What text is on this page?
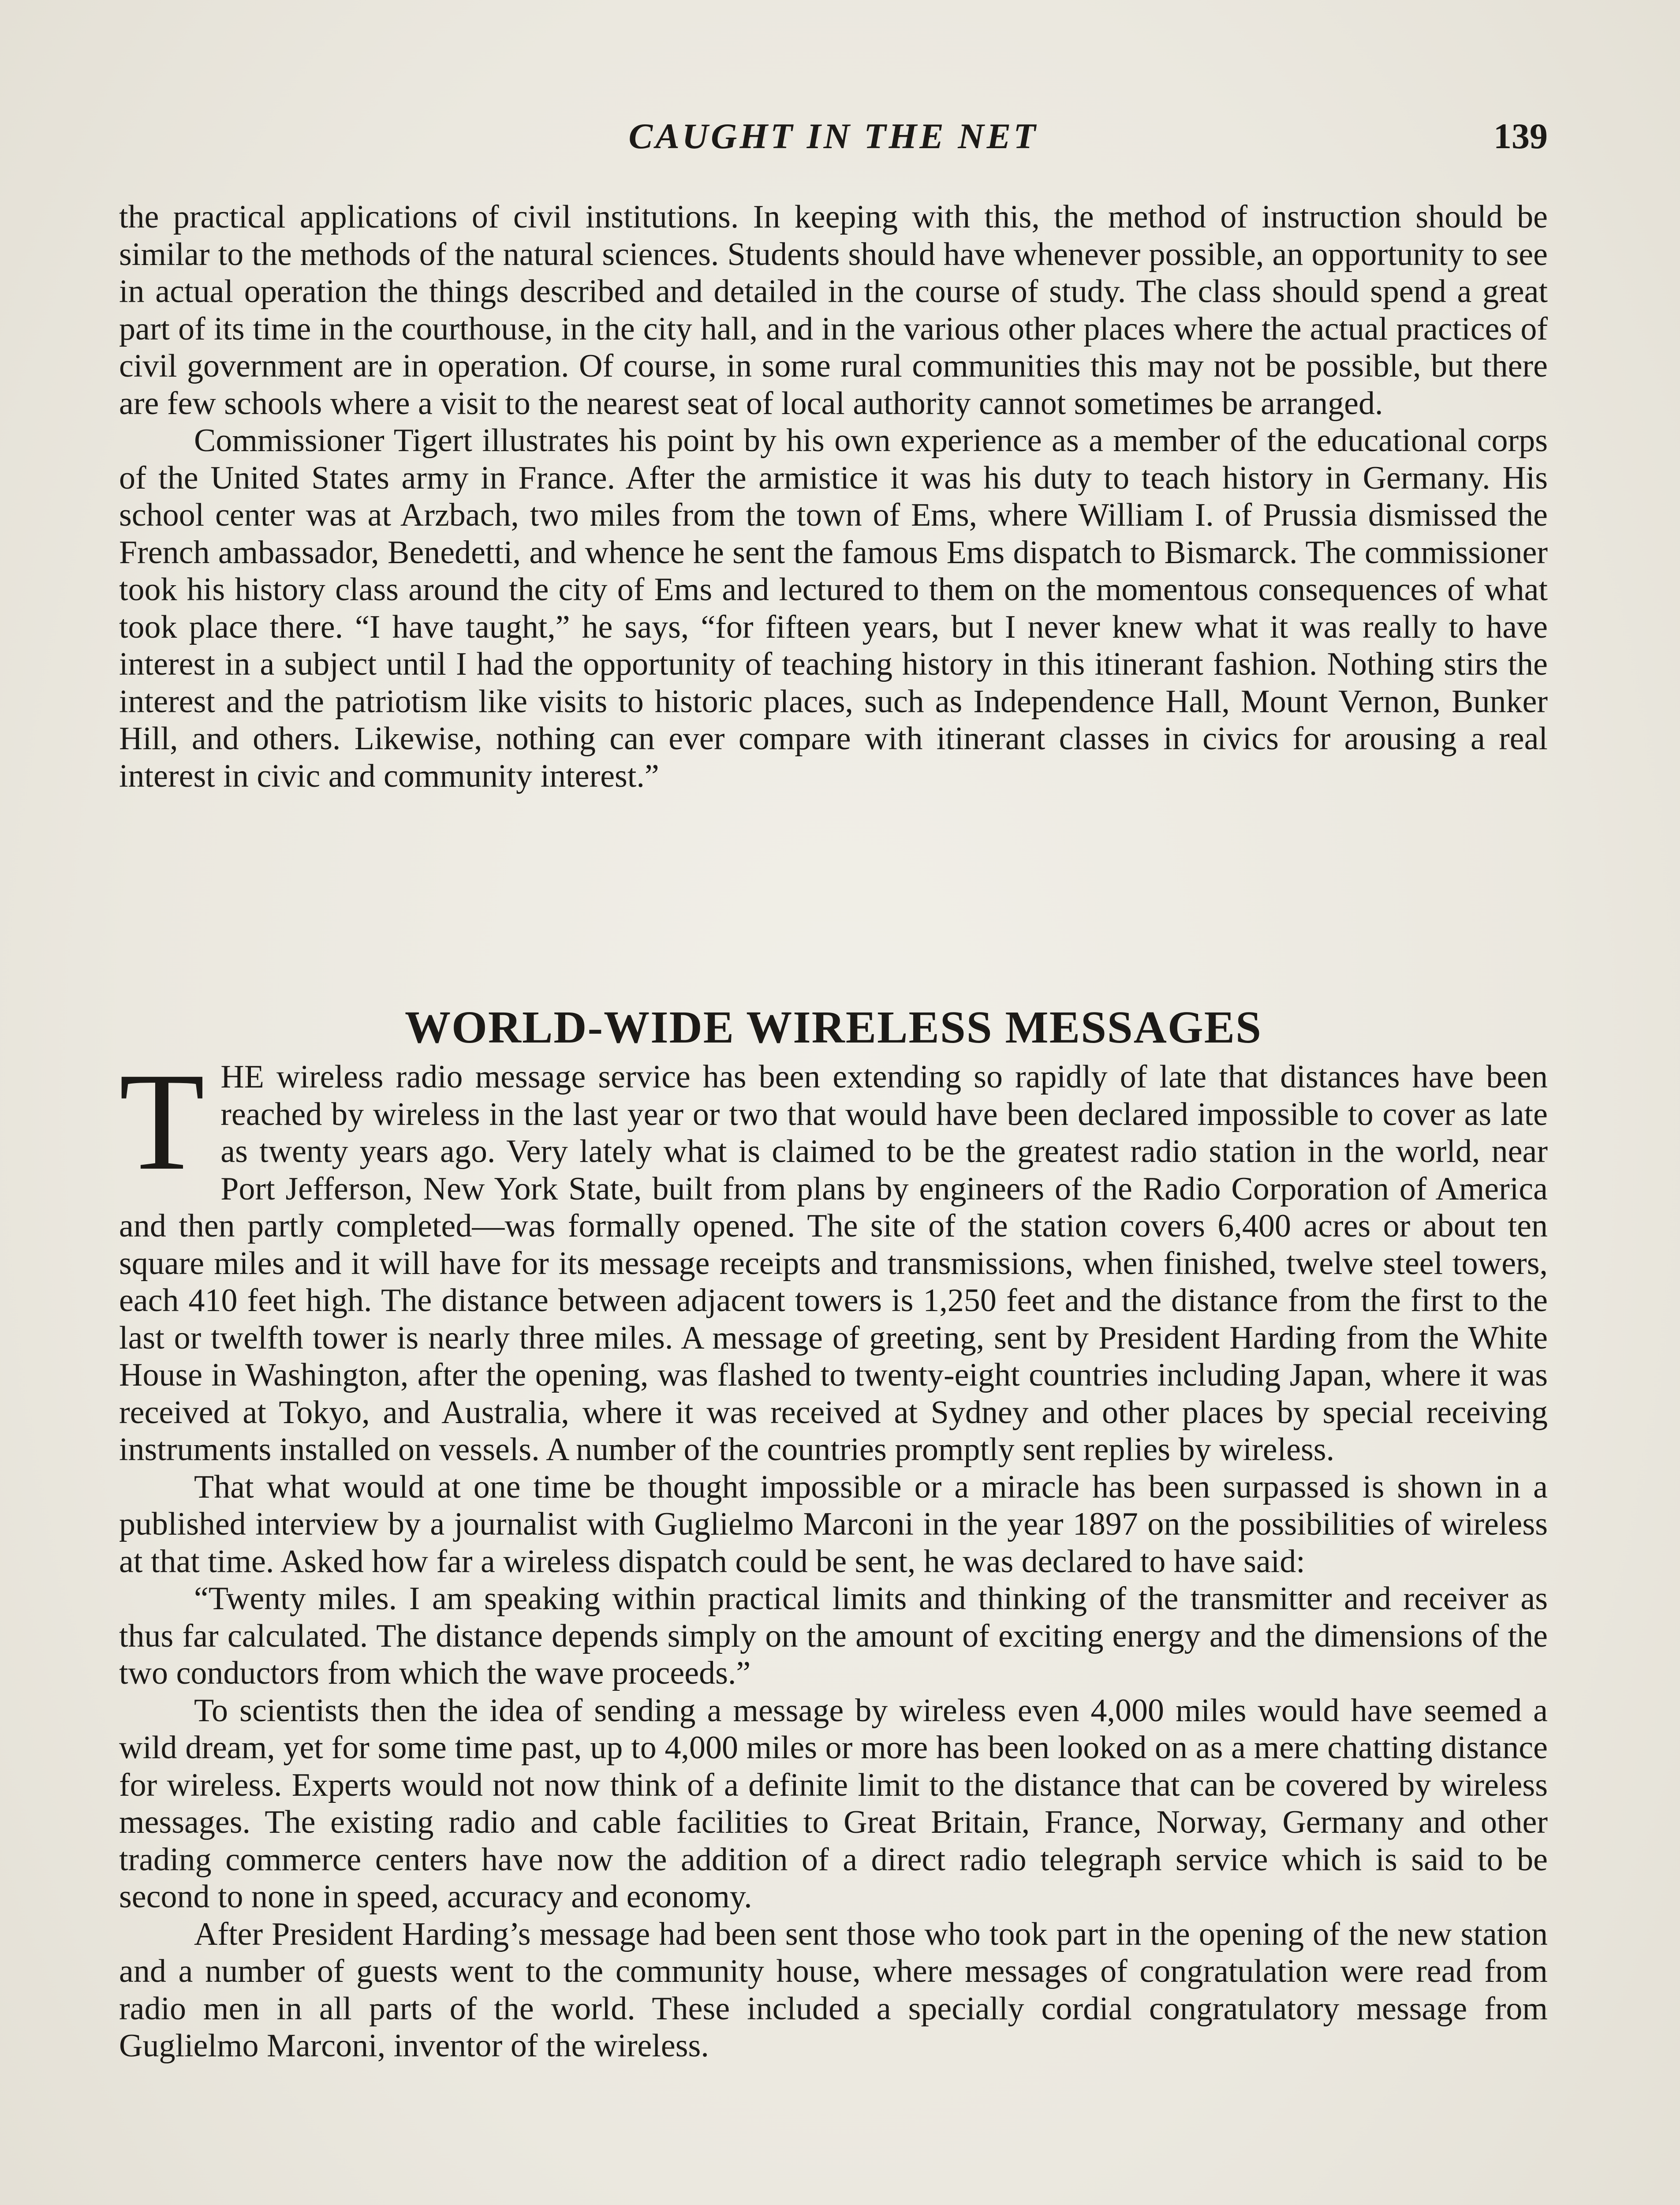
CAUGHT IN THE NET	139

the practical applications of civil institutions. In keeping with this, the method of instruction should be similar to the methods of the natural sciences. Students should have whenever possible, an opportunity to see in actual operation the things described and detailed in the course of study. The class should spend a great part of its time in the courthouse, in the city hall, and in the various other places where the actual practices of civil government are in operation. Of course, in some rural communities this may not be possible, but there are few schools where a visit to the nearest seat of local authority cannot sometimes be arranged.

Commissioner Tigert illustrates his point by his own experience as a member of the educational corps of the United States army in France. After the armistice it was his duty to teach history in Germany. His school center was at Arzbach, two miles from the town of Ems, where William I. of Prussia dismissed the French ambassador, Benedetti, and whence he sent the famous Ems dispatch to Bismarck. The commissioner took his history class around the city of Ems and lectured to them on the momentous consequences of what took place there. “I have taught,” he says, “for fifteen years, but I never knew what it was really to have interest in a subject until I had the opportunity of teaching history in this itinerant fashion. Nothing stirs the interest and the patriotism like visits to historic places, such as Independence Hall, Mount Vernon, Bunker Hill, and others. Likewise, nothing can ever compare with itinerant classes in civics for arousing a real interest in civic and community interest.”

WORLD-WIDE WIRELESS MESSAGES

THE wireless radio message service has been extending so rapidly of late that distances have been reached by wireless in the last year or two that would have been declared impossible to cover as late as twenty years ago. Very lately what is claimed to be the greatest radio station in the world, near Port Jefferson, New York State, built from plans by engineers of the Radio Corporation of America and then partly completed—was formally opened. The site of the station covers 6,400 acres or about ten square miles and it will have for its message receipts and transmissions, when finished, twelve steel towers, each 410 feet high. The distance between adjacent towers is 1,250 feet and the distance from the first to the last or twelfth tower is nearly three miles. A message of greeting, sent by President Harding from the White House in Washington, after the opening, was flashed to twenty-eight countries including Japan, where it was received at Tokyo, and Australia, where it was received at Sydney and other places by special receiving instruments installed on vessels. A number of the countries promptly sent replies by wireless.

That what would at one time be thought impossible or a miracle has been surpassed is shown in a published interview by a journalist with Guglielmo Marconi in the year 1897 on the possibilities of wireless at that time. Asked how far a wireless dispatch could be sent, he was declared to have said:

“Twenty miles. I am speaking within practical limits and thinking of the transmitter and receiver as thus far calculated. The distance depends simply on the amount of exciting energy and the dimensions of the two conductors from which the wave proceeds.”

To scientists then the idea of sending a message by wireless even 4,000 miles would have seemed a wild dream, yet for some time past, up to 4,000 miles or more has been looked on as a mere chatting distance for wireless. Experts would not now think of a definite limit to the distance that can be covered by wireless messages. The existing radio and cable facilities to Great Britain, France, Norway, Germany and other trading commerce centers have now the addition of a direct radio telegraph service which is said to be second to none in speed, accuracy and economy.

After President Harding’s message had been sent those who took part in the opening of the new station and a number of guests went to the community house, where messages of congratulation were read from radio men in all parts of the world. These included a specially cordial congratulatory message from Guglielmo Marconi, inventor of the wireless.
